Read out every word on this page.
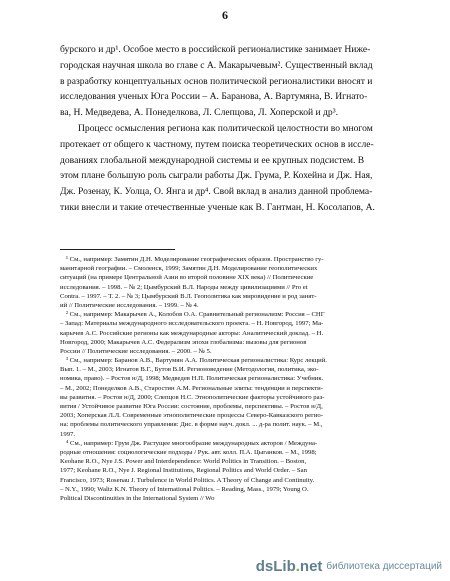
6
бурского и др¹. Особое место в российской регионалистике занимает Ниже-
городская научная школа во главе с А. Макарычевым². Существенный вклад
в разработку концептуальных основ политической регионалистики вносят и
исследования ученых Юга России – А. Баранова, А. Вартумяна, В. Игнато-
ва, Н. Медведева, А. Понеделкова, Л. Слепцова, Л. Хоперской и др³.
Процесс осмысления региона как политической целостности во многом
протекает от общего к частному, путем поиска теоретических основ в иссле-
дованиях глобальной международной системы и ее крупных подсистем. В
этом плане большую роль сыграли работы Дж. Грума, Р. Кохейна и Дж. Ная,
Дж. Розенау, К. Уолца, О. Янга и др⁴. Свой вклад в анализ данной проблема-
тики внесли и такие отечественные ученые как В. Гантман, Н. Косолапов, А.
¹ См., например: Замятин Д.Н. Моделирование географических образов. Пространство гу-
манитарной географии. – Смоленск, 1999; Замятин Д.Н. Моделирование геополитических
ситуаций (на примере Центральной Азии во второй половине XIX века) // Политические
исследования. – 1998. – № 2; Цымбурский В.Л. Народы между цивилизациями // Pro et
Contra. – 1997. – Т. 2. – № 3; Цымбурский В.Л. Геополитика как мировидение и род занят-
ий // Политические исследования. – 1999. – № 4.
² См., например: Макарычев А., Колобов О.А. Сравнительный регионализм: Россия – СНГ
– Запад: Материалы международного исследовательского проекта. – Н. Новгород, 1997; Ма-
карычев А.С. Российские регионы как международные акторы: Аналитический доклад. – Н.
Новгород, 2000; Макарычев А.С. Федерализм эпохи глобализма: вызовы для регионов
России // Политические исследования. – 2000. – № 5.
³ См., например: Баранов А.В., Вартумян А.А. Политическая регионалистика: Курс лекций.
Вып. 1. – М., 2003; Игнатов В.Г., Бутов В.И. Регионоведение (Методология, политика, эко-
номика, право). – Ростов н/Д, 1998; Медведев Н.П. Политическая регионалистика: Учебник.
– М., 2002; Понеделков А.В., Старостин А.М. Региональные элиты: тенденции и перспекти-
вы развития. – Ростов н/Д, 2000; Слепцов Н.С. Этнополитические факторы устойчивого раз-
вития / Устойчивое развитие Юга России: состояние, проблемы, перспективы. – Ростов н/Д,
2003; Хоперская Л.Л. Современные этнополитические процессы Северо-Кавказского регио-
на: проблемы политического управления: Дис. в форме науч. докл. ... д-ра полит. наук. – М.,
1997.
⁴ См., например: Грум Дж. Растущее многообразие международных акторов / Междуна-
родные отношения: социологические подходы / Рук. авт. колл. П.А. Цыганков. – М., 1998;
Keohane R.O., Nye J.S. Power and Interdependence: World Politics in Transition. – Boston,
1977; Keohane R.O., Nye J. Regional Institutions, Regional Politics and World Order. – San
Francisco, 1973; Rosenau J. Turbulence in World Politics. A Theory of Change and Continuity.
– N.Y., 1990; Waltz K.N. Theory of International Politics. – Reading, Mass., 1979; Young O.
Political Discontinuities in the International System // Wo
dsLib.net библиотека диссертаций
